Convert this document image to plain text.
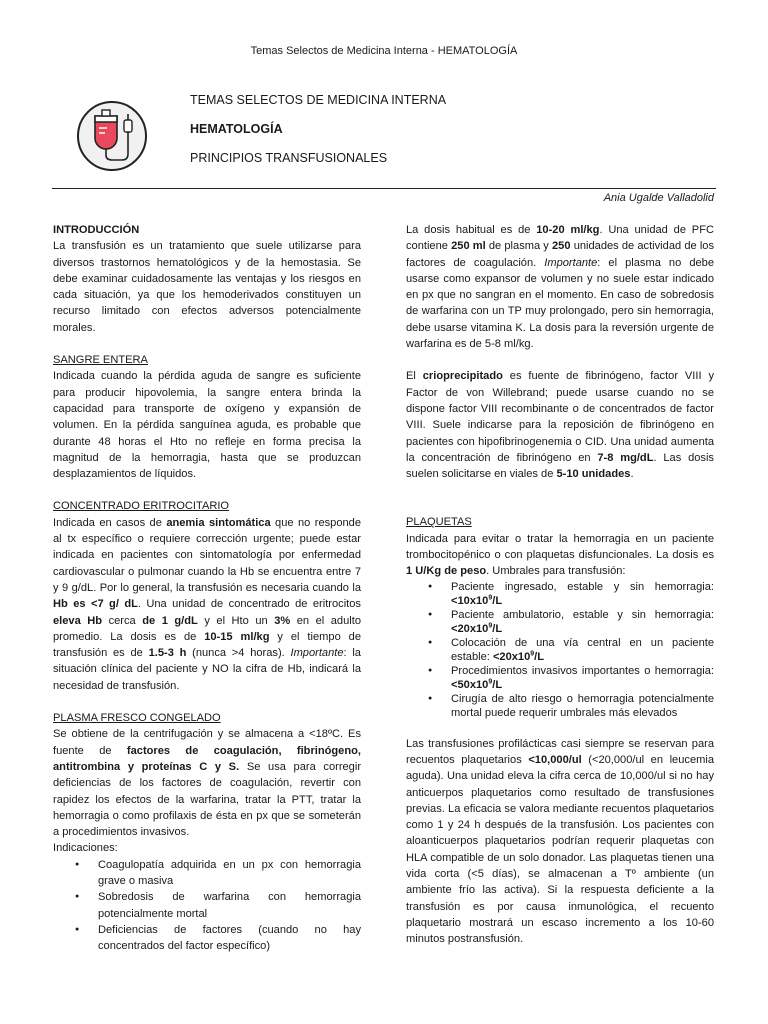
Temas Selectos de Medicina Interna - HEMATOLOGÍA
TEMAS SELECTOS DE MEDICINA INTERNA
HEMATOLOGÍA
PRINCIPIOS TRANSFUSIONALES
Ania Ugalde Valladolid

INTRODUCCIÓN

La transfusión es un tratamiento que suele utilizarse para diversos trastornos hematológicos y de la hemostasia. Se debe examinar cuidadosamente las ventajas y los riesgos en cada situación, ya que los hemoderivados constituyen un recurso limitado con efectos adversos potencialmente morales.

SANGRE ENTERA

Indicada cuando la pérdida aguda de sangre es suficiente para producir hipovolemia, la sangre entera brinda la capacidad para transporte de oxígeno y expansión de volumen. En la pérdida sanguínea aguda, es probable que durante 48 horas el Hto no refleje en forma precisa la magnitud de la hemorragia, hasta que se produzcan desplazamientos de líquidos.

CONCENTRADO ERITROCITARIO

Indicada en casos de anemia sintomática que no responde al tx específico o requiere corrección urgente; puede estar indicada en pacientes con sintomatología por enfermedad cardiovascular o pulmonar cuando la Hb se encuentra entre 7 y 9 g/dL. Por lo general, la transfusión es necesaria cuando la Hb es <7 g/ dL. Una unidad de concentrado de eritrocitos eleva Hb cerca de 1 g/dL y el Hto un 3% en el adulto promedio. La dosis es de 10-15 ml/kg y el tiempo de transfusión es de 1.5-3 h (nunca >4 horas). Importante: la situación clínica del paciente y NO la cifra de Hb, indicará la necesidad de transfusión.

PLASMA FRESCO CONGELADO

Se obtiene de la centrifugación y se almacena a <18ºC. Es fuente de factores de coagulación, fibrinógeno, antitrombina y proteínas C y S. Se usa para corregir deficiencias de los factores de coagulación, revertir con rapidez los efectos de la warfarina, tratar la PTT, tratar la hemorragia o como profilaxis de ésta en px que se someterán a procedimientos invasivos.

Indicaciones:

● Coagulopatía adquirida en un px con hemorragia grave o masiva
● Sobredosis de warfarina con hemorragia potencialmente mortal
● Deficiencias de factores (cuando no hay concentrados del factor específico)

La dosis habitual es de 10-20 ml/kg. Una unidad de PFC contiene 250 ml de plasma y 250 unidades de actividad de los factores de coagulación. Importante: el plasma no debe usarse como expansor de volumen y no suele estar indicado en px que no sangran en el momento. En caso de sobredosis de warfarina con un TP muy prolongado, pero sin hemorragia, debe usarse vitamina K. La dosis para la reversión urgente de warfarina es de 5-8 ml/kg.

El crioprecipitado es fuente de fibrinógeno, factor VIII y Factor de von Willebrand; puede usarse cuando no se dispone factor VIII recombinante o de concentrados de factor VIII. Suele indicarse para la reposición de fibrinógeno en pacientes con hipofibrinogenemia o CID. Una unidad aumenta la concentración de fibrinógeno en 7-8 mg/dL. Las dosis suelen solicitarse en viales de 5-10 unidades.

PLAQUETAS

Indicada para evitar o tratar la hemorragia en un paciente trombocitopénico o con plaquetas disfuncionales. La dosis es 1 U/Kg de peso. Umbrales para transfusión:

● Paciente ingresado, estable y sin hemorragia: $<10x10^9/L$
● Paciente ambulatorio, estable y sin hemorragia: $<20x10^9/L$
● Colocación de una vía central en un paciente estable: $<20x10^9/L$
● Procedimientos invasivos importantes o hemorragia: $<50x10^9/L$
● Cirugía de alto riesgo o hemorragia potencialmente mortal puede requerir umbrales más elevados

Las transfusiones profilácticas casi siempre se reservan para recuentos plaquetarios <10,000/ul (<20,000/ul en leucemia aguda). Una unidad eleva la cifra cerca de 10,000/ul si no hay anticuerpos plaquetarios como resultado de transfusiones previas. La eficacia se valora mediante recuentos plaquetarios como 1 y 24 h después de la transfusión. Los pacientes con aloanticuerpos plaquetarios podrían requerir plaquetas con HLA compatible de un solo donador. Las plaquetas tienen una vida corta (<5 días), se almacenan a Tº ambiente (un ambiente frío las activa). Si la respuesta deficiente a la transfusión es por causa inmunológica, el recuento plaquetario mostrará un escaso incremento a los 10-60 minutos postransfusión.
